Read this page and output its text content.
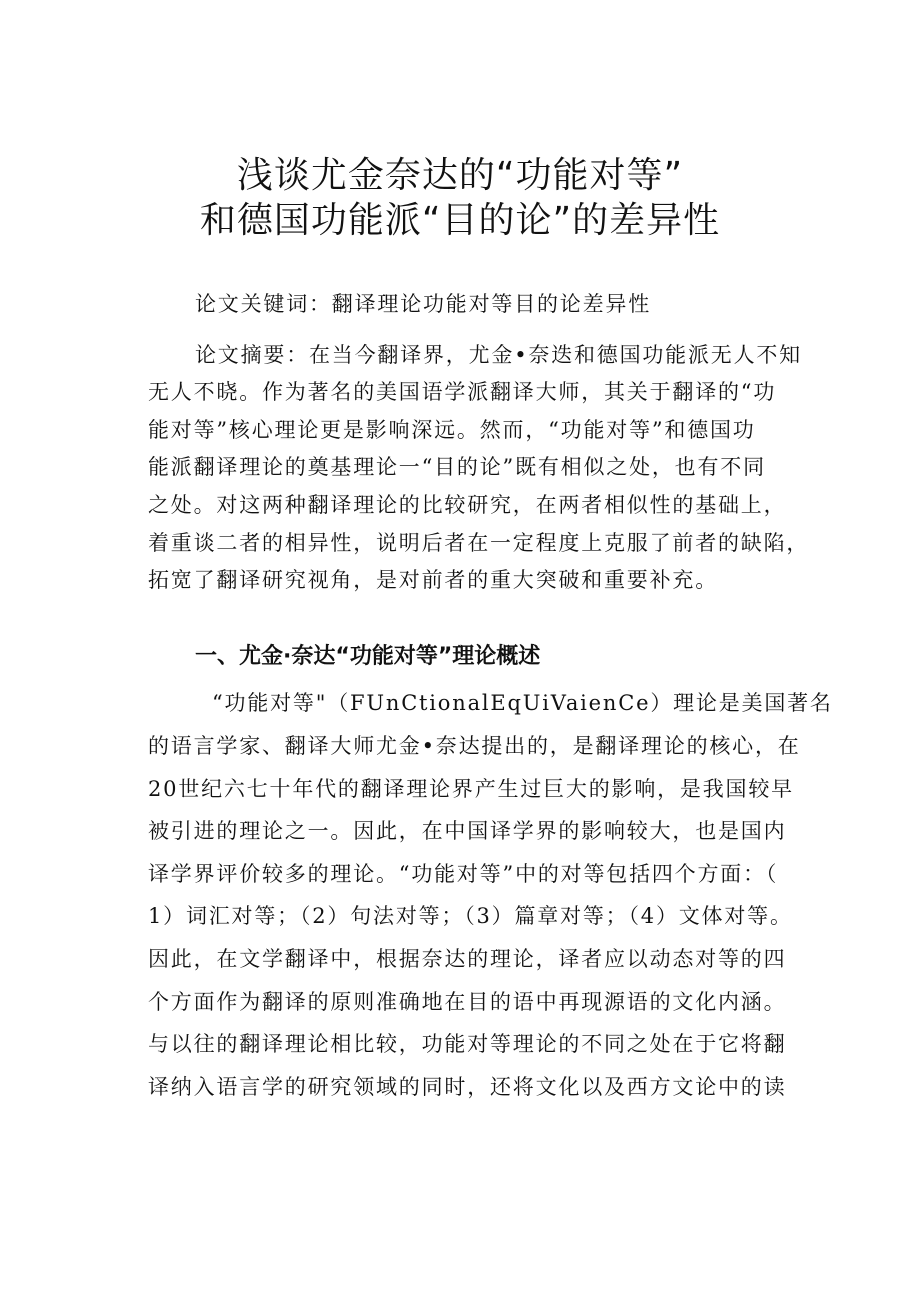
浅谈尤金奈达的“功能对等”
和德国功能派“目的论”的差异性

论文关键词：翻译理论功能对等目的论差异性

论文摘要：在当今翻译界，尤金•奈迭和德国功能派无人不知

无人不晓。作为著名的美国语学派翻译大师，其关于翻译的“功

能对等”核心理论更是影响深远。然而，“功能对等”和德国功

能派翻译理论的奠基理论一“目的论”既有相似之处，也有不同

之处。对这两种翻译理论的比较研究，在两者相似性的基础上，

着重谈二者的相异性，说明后者在一定程度上克服了前者的缺陷，

拓宽了翻译研究视角，是对前者的重大突破和重要补充。

一、尤金·奈达“功能对等”理论概述

“功能对等"（FUnCtionalEqUiVaienCe）理论是美国著名

的语言学家、翻译大师尤金•奈达提出的，是翻译理论的核心，在

20世纪六七十年代的翻译理论界产生过巨大的影响，是我国较早

被引进的理论之一。因此，在中国译学界的影响较大，也是国内

译学界评价较多的理论。“功能对等”中的对等包括四个方面：（

1）词汇对等；（2）句法对等；（3）篇章对等；（4）文体对等。

因此，在文学翻译中，根据奈达的理论，译者应以动态对等的四

个方面作为翻译的原则准确地在目的语中再现源语的文化内涵。

与以往的翻译理论相比较，功能对等理论的不同之处在于它将翻

译纳入语言学的研究领域的同时，还将文化以及西方文论中的读
